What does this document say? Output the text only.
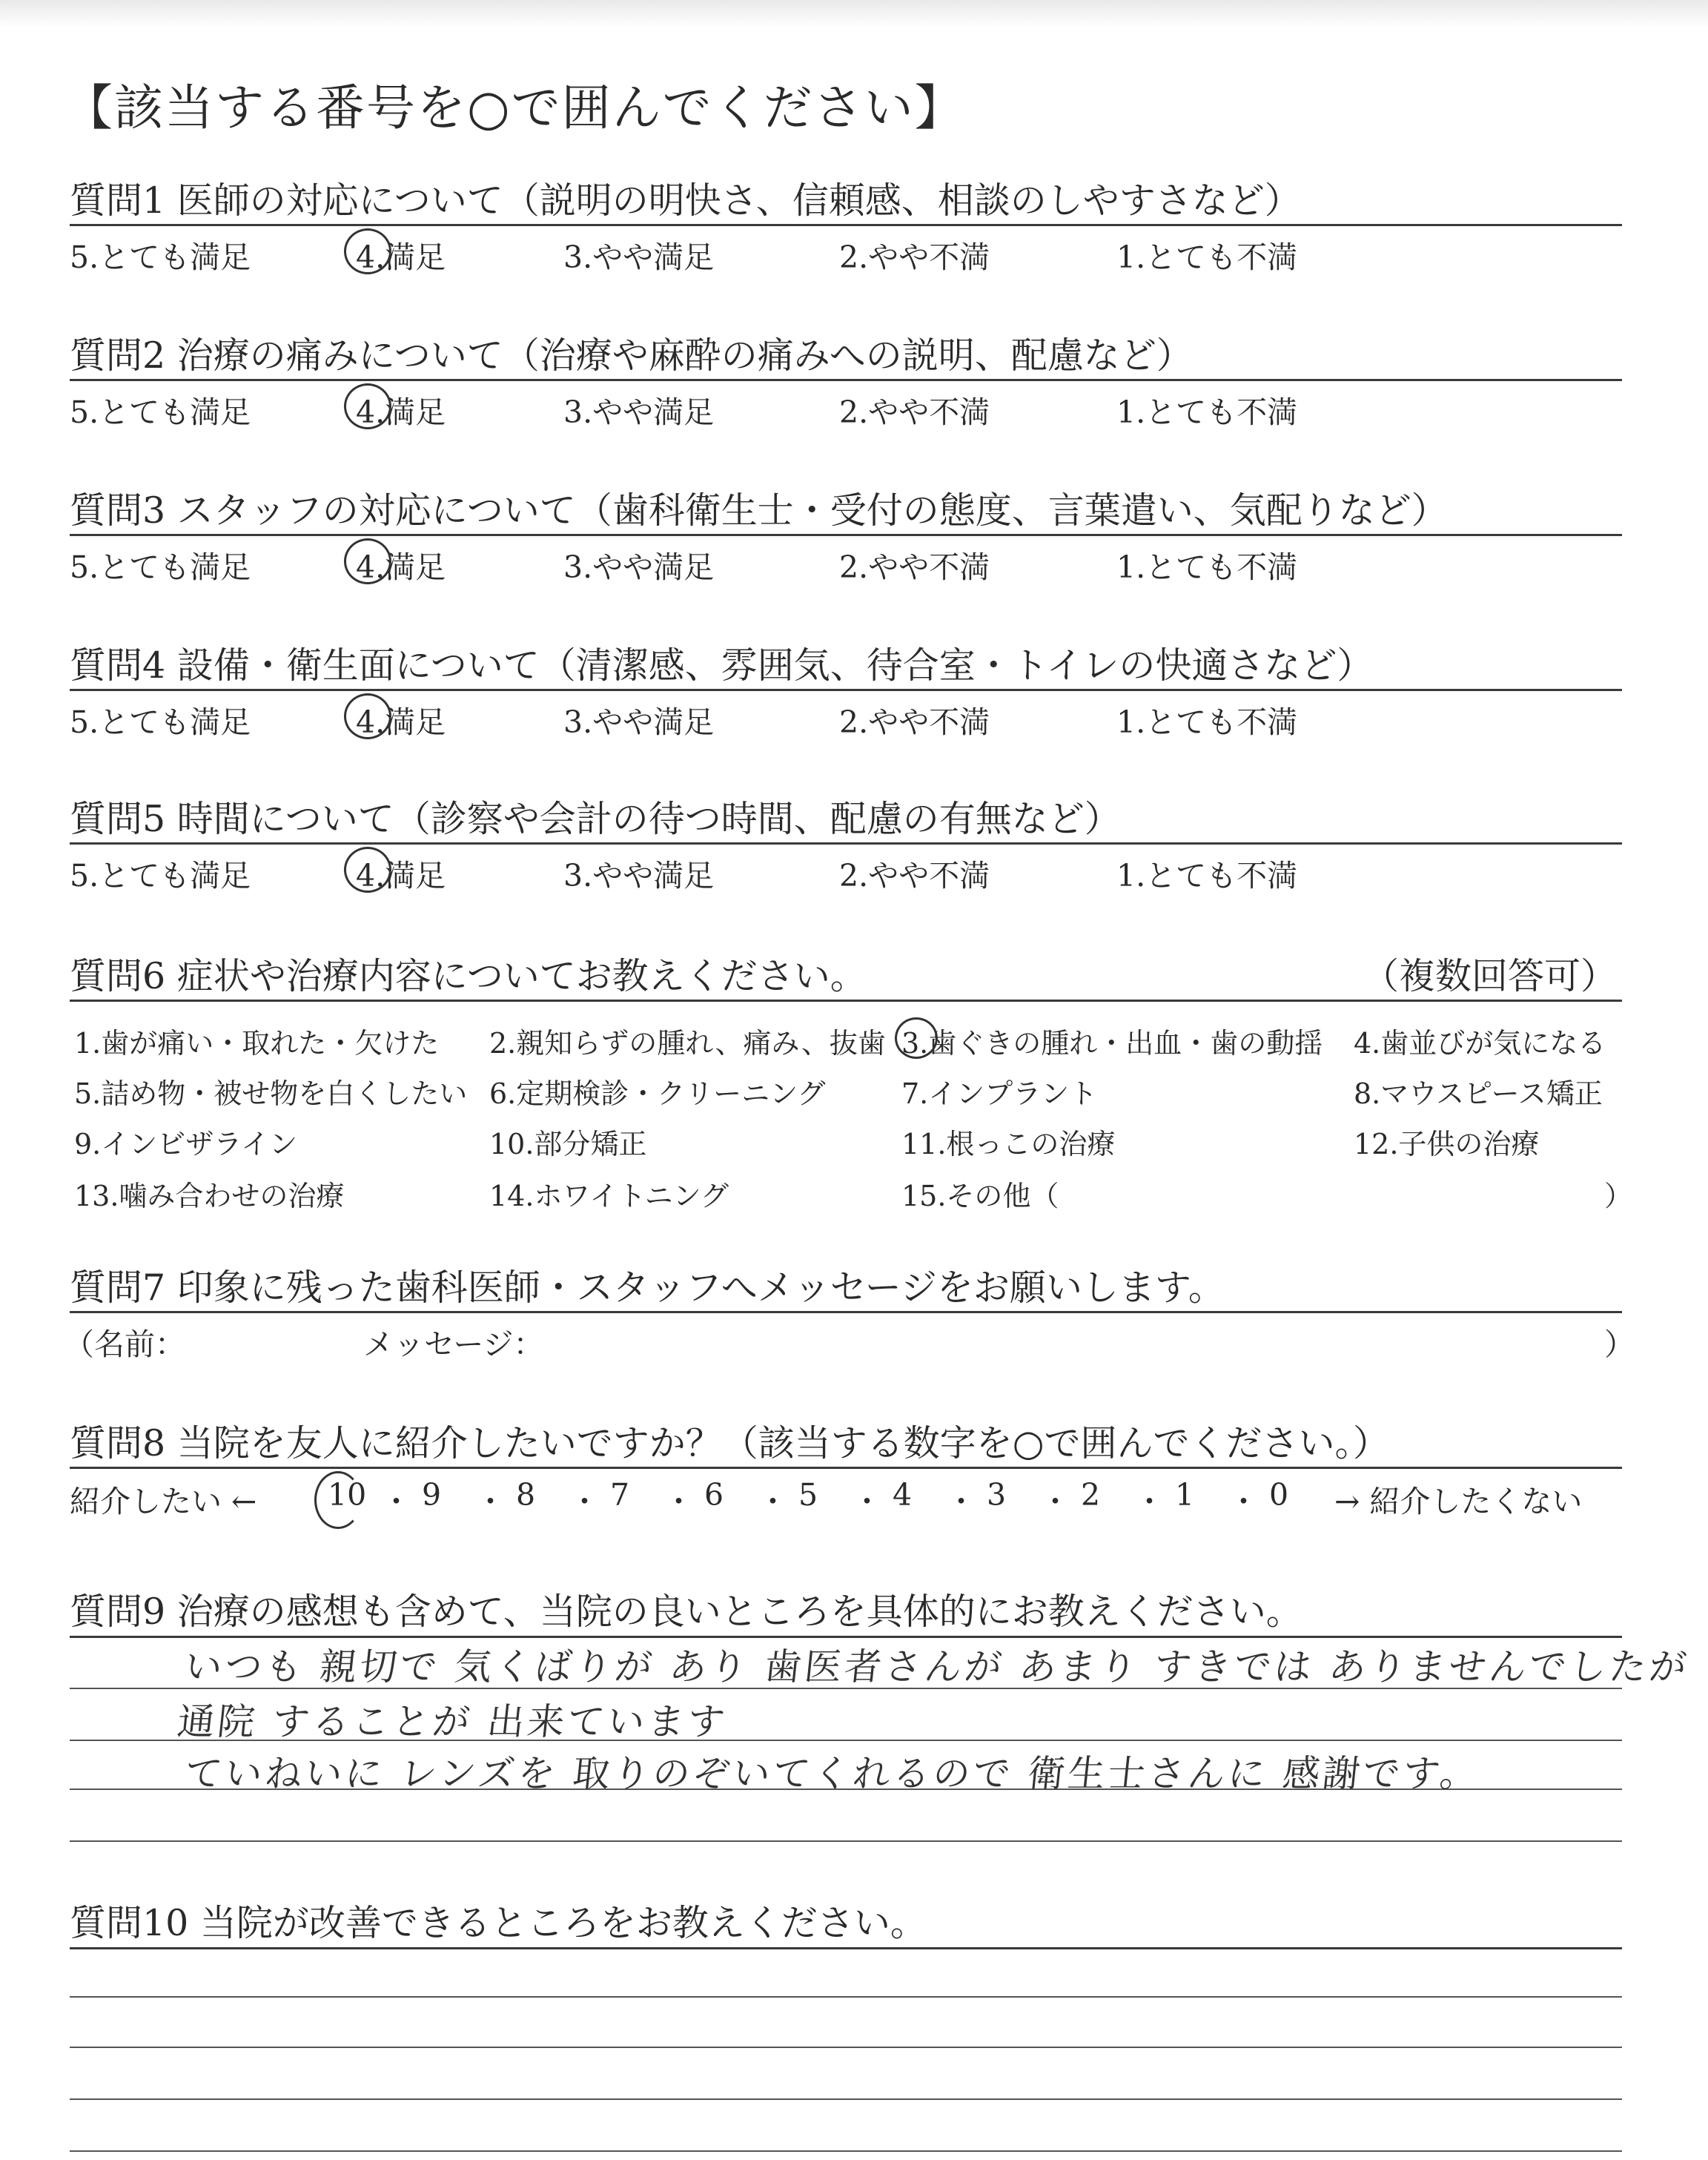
【該当する番号を○で囲んでください】
質問1 医師の対応について（説明の明快さ、信頼感、相談のしやすさなど）
5.とても満足	4.満足	3.やや満足	2.やや不満	1.とても不満
質問2 治療の痛みについて（治療や麻酔の痛みへの説明、配慮など）
5.とても満足	4.満足	3.やや満足	2.やや不満	1.とても不満
質問3 スタッフの対応について（歯科衛生士・受付の態度、言葉遣い、気配りなど）
5.とても満足	4.満足	3.やや満足	2.やや不満	1.とても不満
質問4 設備・衛生面について（清潔感、雰囲気、待合室・トイレの快適さなど）
5.とても満足	4.満足	3.やや満足	2.やや不満	1.とても不満
質問5 時間について（診察や会計の待つ時間、配慮の有無など）
5.とても満足	4.満足	3.やや満足	2.やや不満	1.とても不満
質問6 症状や治療内容についてお教えください。	（複数回答可）
1.歯が痛い・取れた・欠けた 2.親知らずの腫れ、痛み、抜歯 3.歯ぐきの腫れ・出血・歯の動揺 4.歯並びが気になる
5.詰め物・被せ物を白くしたい 6.定期検診・クリーニング	7.インプラント	8.マウスピース矯正
9.インビザライン	10.部分矯正	11.根っこの治療	12.子供の治療
13.噛み合わせの治療	14.ホワイトニング	15.その他（	）
質問7 印象に残った歯科医師・スタッフへメッセージをお願いします。
（名前：	メッセージ：	）
質問8 当院を友人に紹介したいですか？（該当する数字を○で囲んでください。）
紹介したい ← 10 ・ 9 ・ 8 ・ 7 ・ 6 ・ 5 ・ 4 ・ 3 ・ 2 ・ 1 ・ 0 → 紹介したくない
質問9 治療の感想も含めて、当院の良いところを具体的にお教えください。
いつも 親切で 気くばりが あり 歯医者さんが あまり すきでは ありませんでしたが
通院 することが 出来ています
ていねいに レンズを 取りのぞいてくれるので 衛生士さんに 感謝です。
質問10 当院が改善できるところをお教えください。
